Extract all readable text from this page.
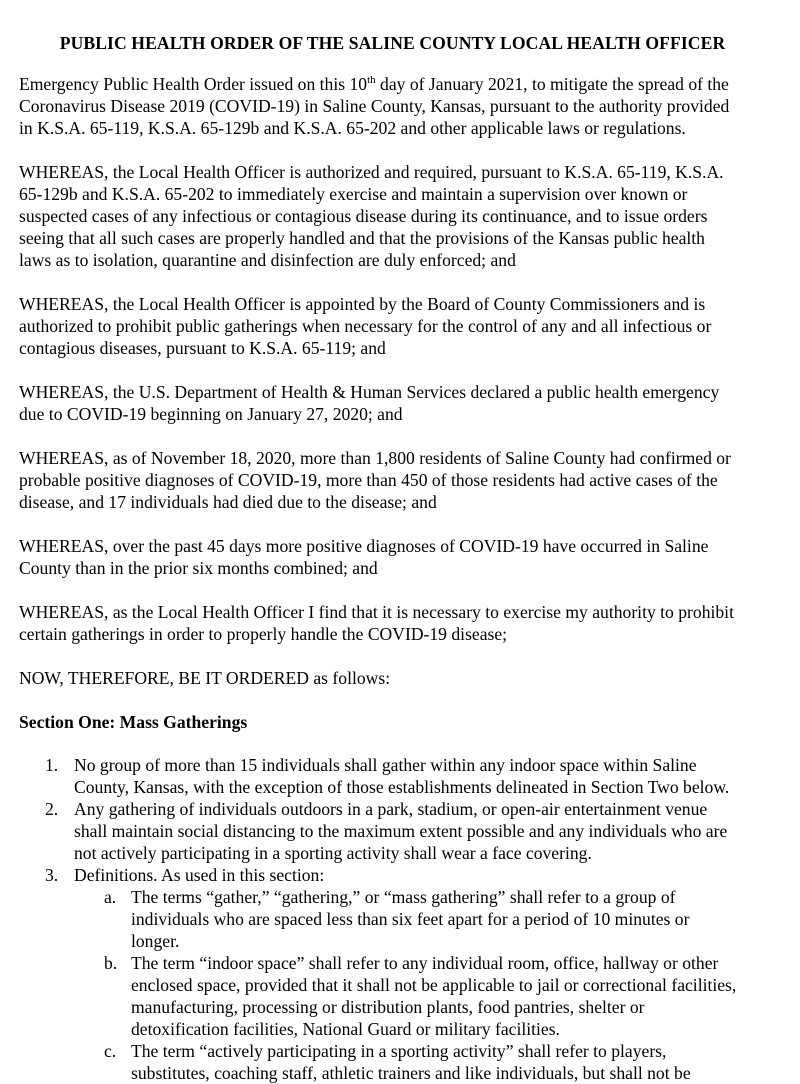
PUBLIC HEALTH ORDER OF THE SALINE COUNTY LOCAL HEALTH OFFICER

Emergency Public Health Order issued on this 10th day of January 2021, to mitigate the spread of the
Coronavirus Disease 2019 (COVID-19) in Saline County, Kansas, pursuant to the authority provided
in K.S.A. 65-119, K.S.A. 65-129b and K.S.A. 65-202 and other applicable laws or regulations.

WHEREAS, the Local Health Officer is authorized and required, pursuant to K.S.A. 65-119, K.S.A.
65-129b and K.S.A. 65-202 to immediately exercise and maintain a supervision over known or
suspected cases of any infectious or contagious disease during its continuance, and to issue orders
seeing that all such cases are properly handled and that the provisions of the Kansas public health
laws as to isolation, quarantine and disinfection are duly enforced; and

WHEREAS, the Local Health Officer is appointed by the Board of County Commissioners and is
authorized to prohibit public gatherings when necessary for the control of any and all infectious or
contagious diseases, pursuant to K.S.A. 65-119; and

WHEREAS, the U.S. Department of Health & Human Services declared a public health emergency
due to COVID-19 beginning on January 27, 2020; and

WHEREAS, as of November 18, 2020, more than 1,800 residents of Saline County had confirmed or
probable positive diagnoses of COVID-19, more than 450 of those residents had active cases of the
disease, and 17 individuals had died due to the disease; and

WHEREAS, over the past 45 days more positive diagnoses of COVID-19 have occurred in Saline
County than in the prior six months combined; and

WHEREAS, as the Local Health Officer I find that it is necessary to exercise my authority to prohibit
certain gatherings in order to properly handle the COVID-19 disease;

NOW, THEREFORE, BE IT ORDERED as follows:

Section One: Mass Gatherings
1. No group of more than 15 individuals shall gather within any indoor space within Saline
County, Kansas, with the exception of those establishments delineated in Section Two below.
2. Any gathering of individuals outdoors in a park, stadium, or open-air entertainment venue
shall maintain social distancing to the maximum extent possible and any individuals who are
not actively participating in a sporting activity shall wear a face covering.
3. Definitions. As used in this section:
a. The terms “gather,” “gathering,” or “mass gathering” shall refer to a group of
individuals who are spaced less than six feet apart for a period of 10 minutes or
longer.
b. The term “indoor space” shall refer to any individual room, office, hallway or other
enclosed space, provided that it shall not be applicable to jail or correctional facilities,
manufacturing, processing or distribution plants, food pantries, shelter or
detoxification facilities, National Guard or military facilities.
c. The term “actively participating in a sporting activity” shall refer to players,
substitutes, coaching staff, athletic trainers and like individuals, but shall not be
